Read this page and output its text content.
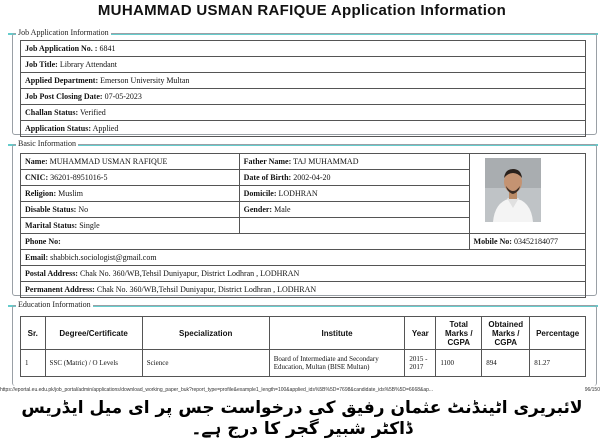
MUHAMMAD USMAN RAFIQUE Application Information
Job Application Information
Job Application No. : 6841
Job Title: Library Attendant
Applied Department: Emerson University Multan
Job Post Closing Date: 07-05-2023
Challan Status: Verified
Application Status: Applied
Basic Information
Name: MUHAMMAD USMAN RAFIQUE	Father Name: TAJ MUHAMMAD	
CNIC: 36201-8951016-5	Date of Birth: 2002-04-20	
Religion: Muslim	Domicile: LODHRAN	
Disable Status: No	Gender: Male	
Marital Status: Single		
Phone No:		Mobile No: 03452184077
Email: shabbich.sociologist@gmail.com		
Postal Address: Chak No. 360/WB,Tehsil Duniyapur, District Lodhran , LODHRAN		
Permanent Address: Chak No. 360/WB,Tehsil Duniyapur, District Lodhran , LODHRAN		
Education Information
Sr.	Degree/Certificate	Specialization	Institute	Year	Total Marks / CGPA	Obtained Marks / CGPA	Percentage
1	SSC (Matric) / O Levels	Science	Board of Intermediate and Secondary Education, Multan (BISE Multan)	2015 - 2017	1100	894	81.27
https://eportal.eu.edu.pk/job_portal/admin/applications/download_working_paper_buk?report_type=profile&example1_length=100&applied_ids%5B%5D=7698&candidate_ids%5B%5D=6668&ap...	96/150
لائبریری اٹینڈنٹ عثمان رفیق کی درخواست جس پر ای میل ایڈریس ڈاکٹر شبیر گجر کا درج ہے۔
